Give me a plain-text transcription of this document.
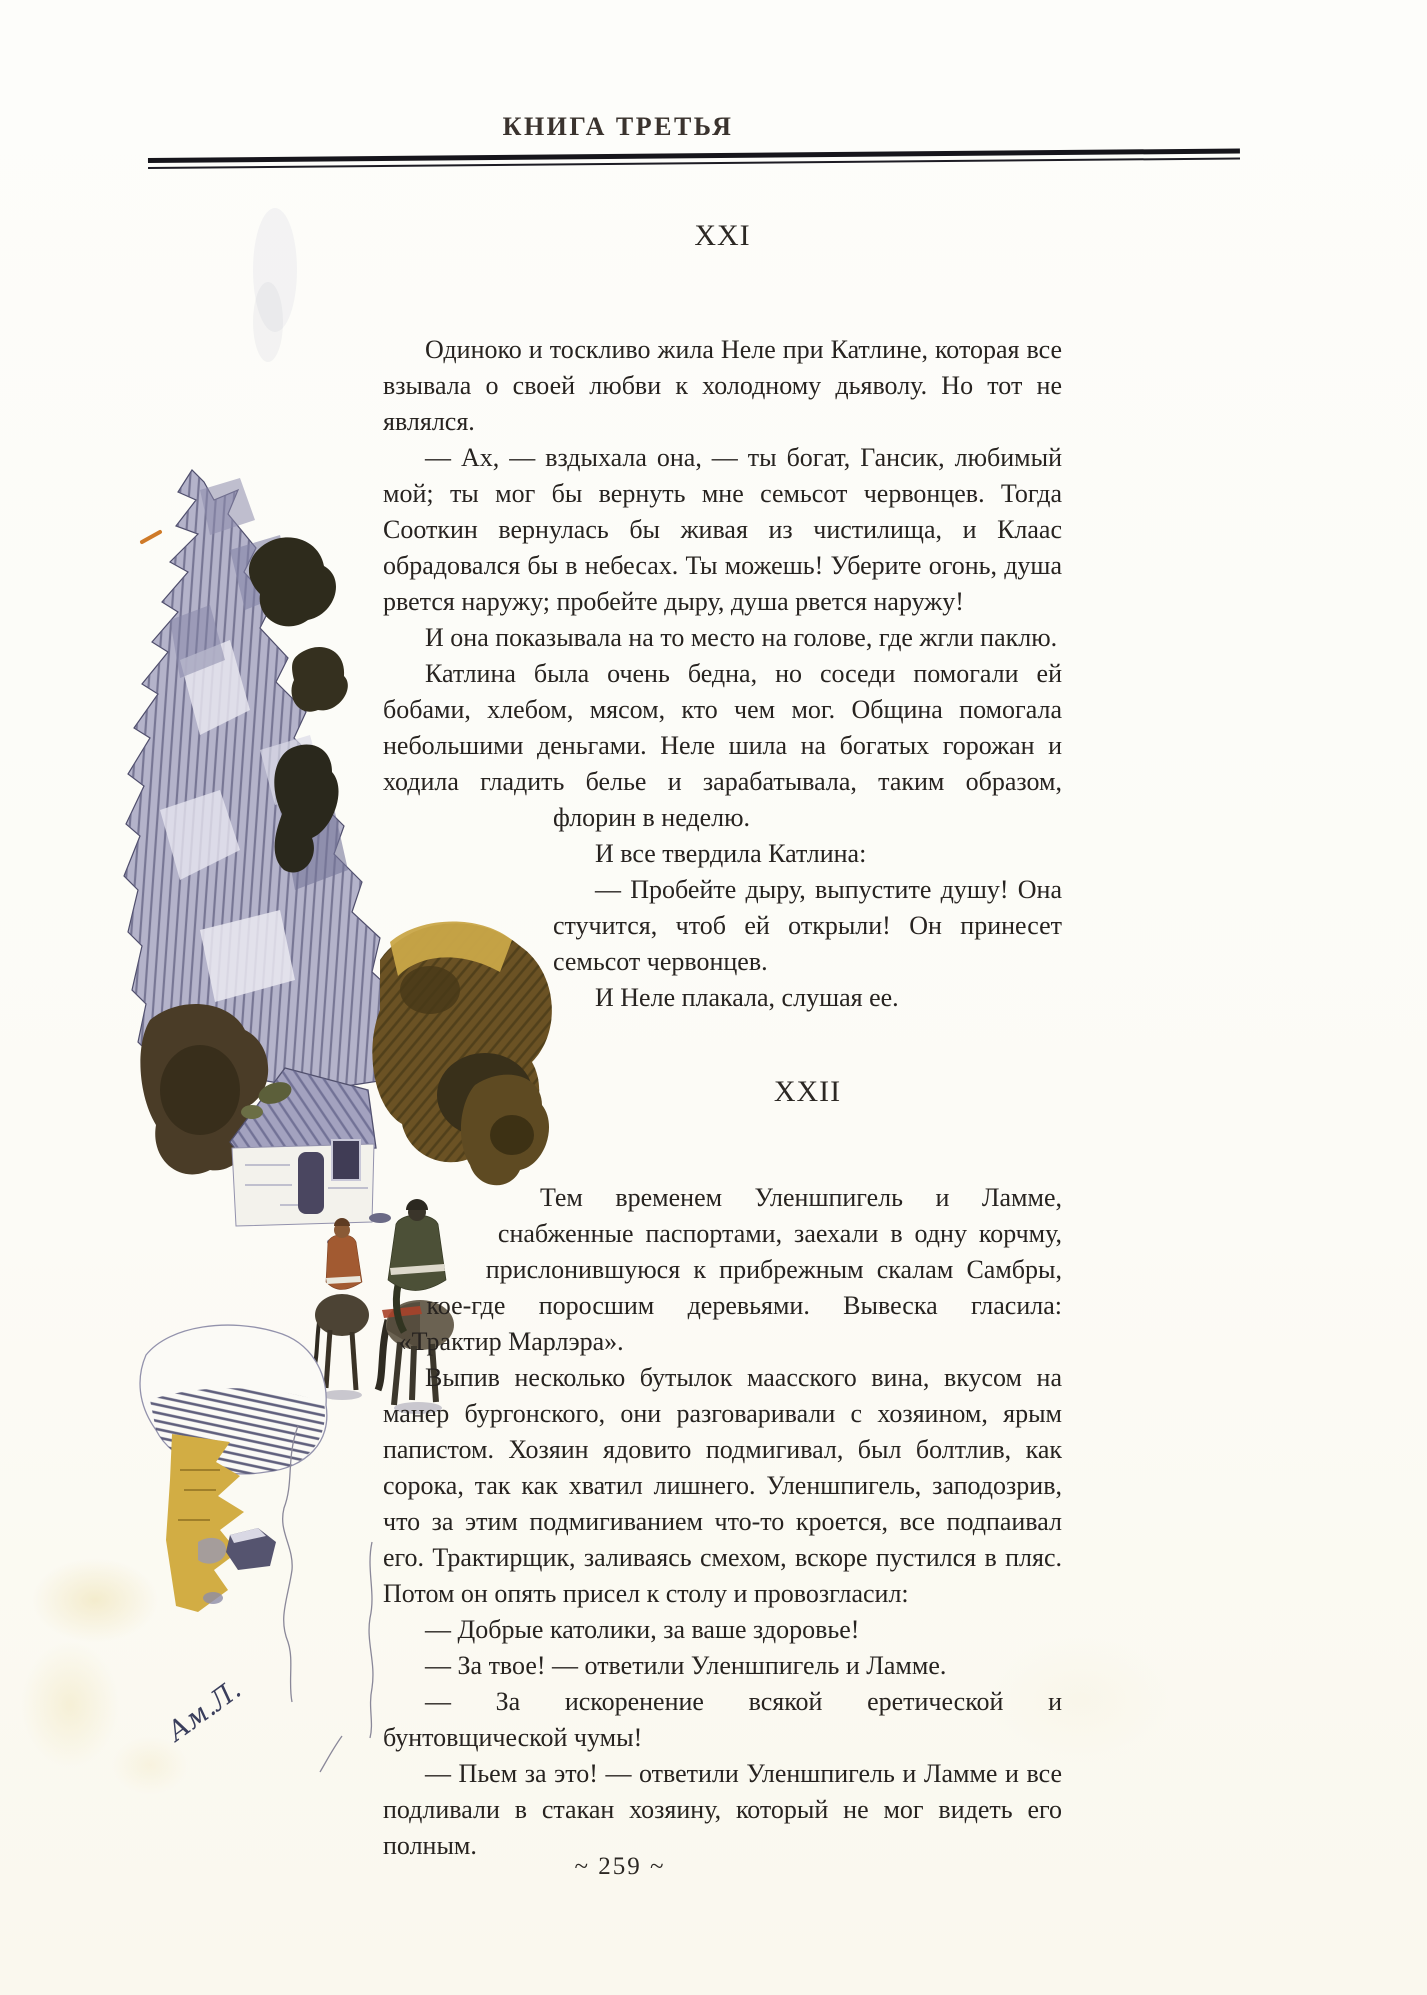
КНИГА ТРЕТЬЯ
Ам.Л.
XXI

Одиноко и тоскливо жила Неле при Катлине, которая все взывала о своей любви к холодному дьяволу. Но тот не являлся.

— Ах, — вздыхала она, — ты богат, Гансик, любимый мой; ты мог бы вернуть мне семьсот червонцев. Тогда Сооткин вернулась бы живая из чистилища, и Клаас обрадовался бы в небесах. Ты можешь! Уберите огонь, душа рвется наружу; пробейте дыру, душа рвется наружу!

И она показывала на то место на голове, где жгли паклю.

Катлина была очень бедна, но соседи помогали ей бобами, хлебом, мясом, кто чем мог. Община помогала небольшими деньгами. Неле шила на богатых горожан и ходила гладить белье и зарабатывала, таким образом, флорин в неделю.

И все твердила Катлина:

— Пробейте дыру, выпустите душу! Она стучится, чтоб ей открыли! Он принесет семьсот червонцев.

И Неле плакала, слушая ее.

XXII

Тем временем Уленшпигель и Ламме, снабженные паспортами, заехали в одну корчму, прислонившуюся к прибрежным скалам Самбры, кое-где поросшим деревьями. Вывеска гласила: «Трактир Марлэра».

Выпив несколько бутылок маасского вина, вкусом на манер бургонского, они разговаривали с хозяином, ярым папистом. Хозяин ядовито подмигивал, был болтлив, как сорока, так как хватил лишнего. Уленшпигель, заподозрив, что за этим подмигиванием что-то кроется, все подпаивал его. Трактирщик, заливаясь смехом, вскоре пустился в пляс. Потом он опять присел к столу и провозгласил:

— Добрые католики, за ваше здоровье!

— За твое! — ответили Уленшпигель и Ламме.

— За искоренение всякой еретической и бунтовщической чумы!

— Пьем за это! — ответили Уленшпигель и Ламме и все подливали в стакан хозяину, который не мог видеть его полным.

~ 259 ~
